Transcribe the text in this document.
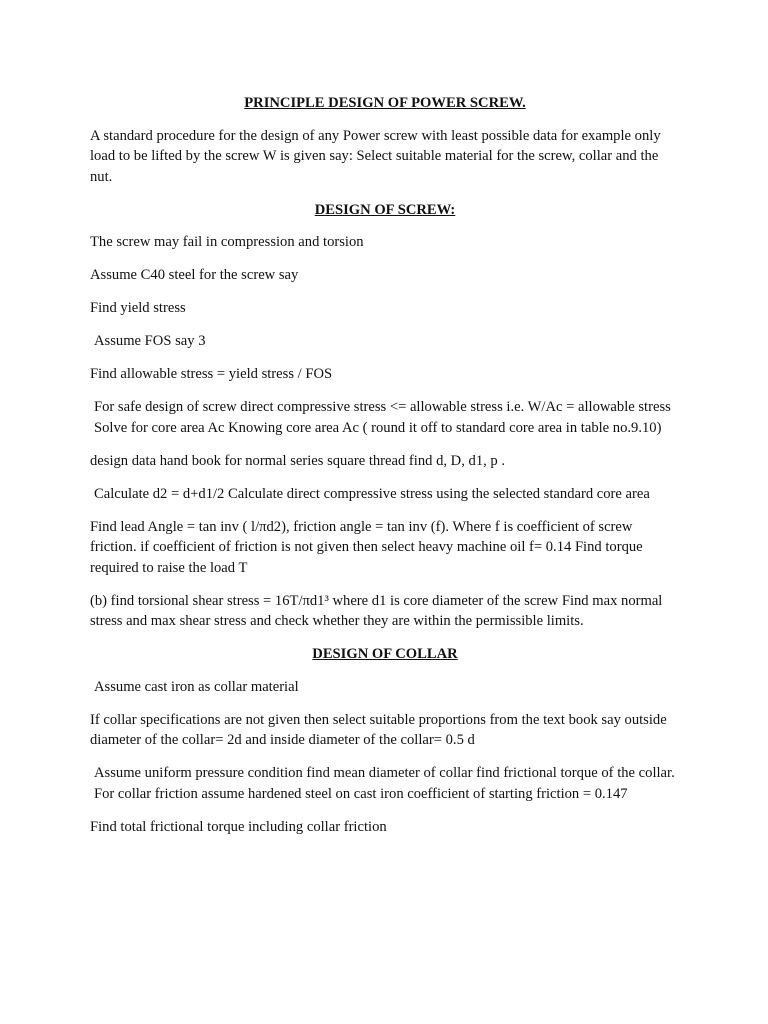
PRINCIPLE DESIGN OF POWER SCREW.

A standard procedure for the design of any Power screw with least possible data for example only load to be lifted by the screw W is given say: Select suitable material for the screw, collar and the nut.

DESIGN OF SCREW:

The screw may fail in compression and torsion

Assume C40 steel for the screw say

Find yield stress

Assume FOS say 3

Find allowable stress = yield stress / FOS

For safe design of screw direct compressive stress <= allowable stress i.e. W/Ac = allowable stress Solve for core area Ac Knowing core area Ac ( round it off to standard core area in table no.9.10)

design data hand book for normal series square thread find d, D, d1, p .

Calculate d2 = d+d1/2 Calculate direct compressive stress using the selected standard core area

Find lead Angle = tan inv ( l/πd2), friction angle = tan inv (f). Where f is coefficient of screw friction. if coefficient of friction is not given then select heavy machine oil f= 0.14 Find torque required to raise the load T

(b) find torsional shear stress = 16T/πd1³ where d1 is core diameter of the screw Find max normal stress and max shear stress and check whether they are within the permissible limits.

DESIGN OF COLLAR

Assume cast iron as collar material

If collar specifications are not given then select suitable proportions from the text book say outside diameter of the collar= 2d and inside diameter of the collar= 0.5 d

Assume uniform pressure condition find mean diameter of collar find frictional torque of the collar. For collar friction assume hardened steel on cast iron coefficient of starting friction = 0.147

Find total frictional torque including collar friction
